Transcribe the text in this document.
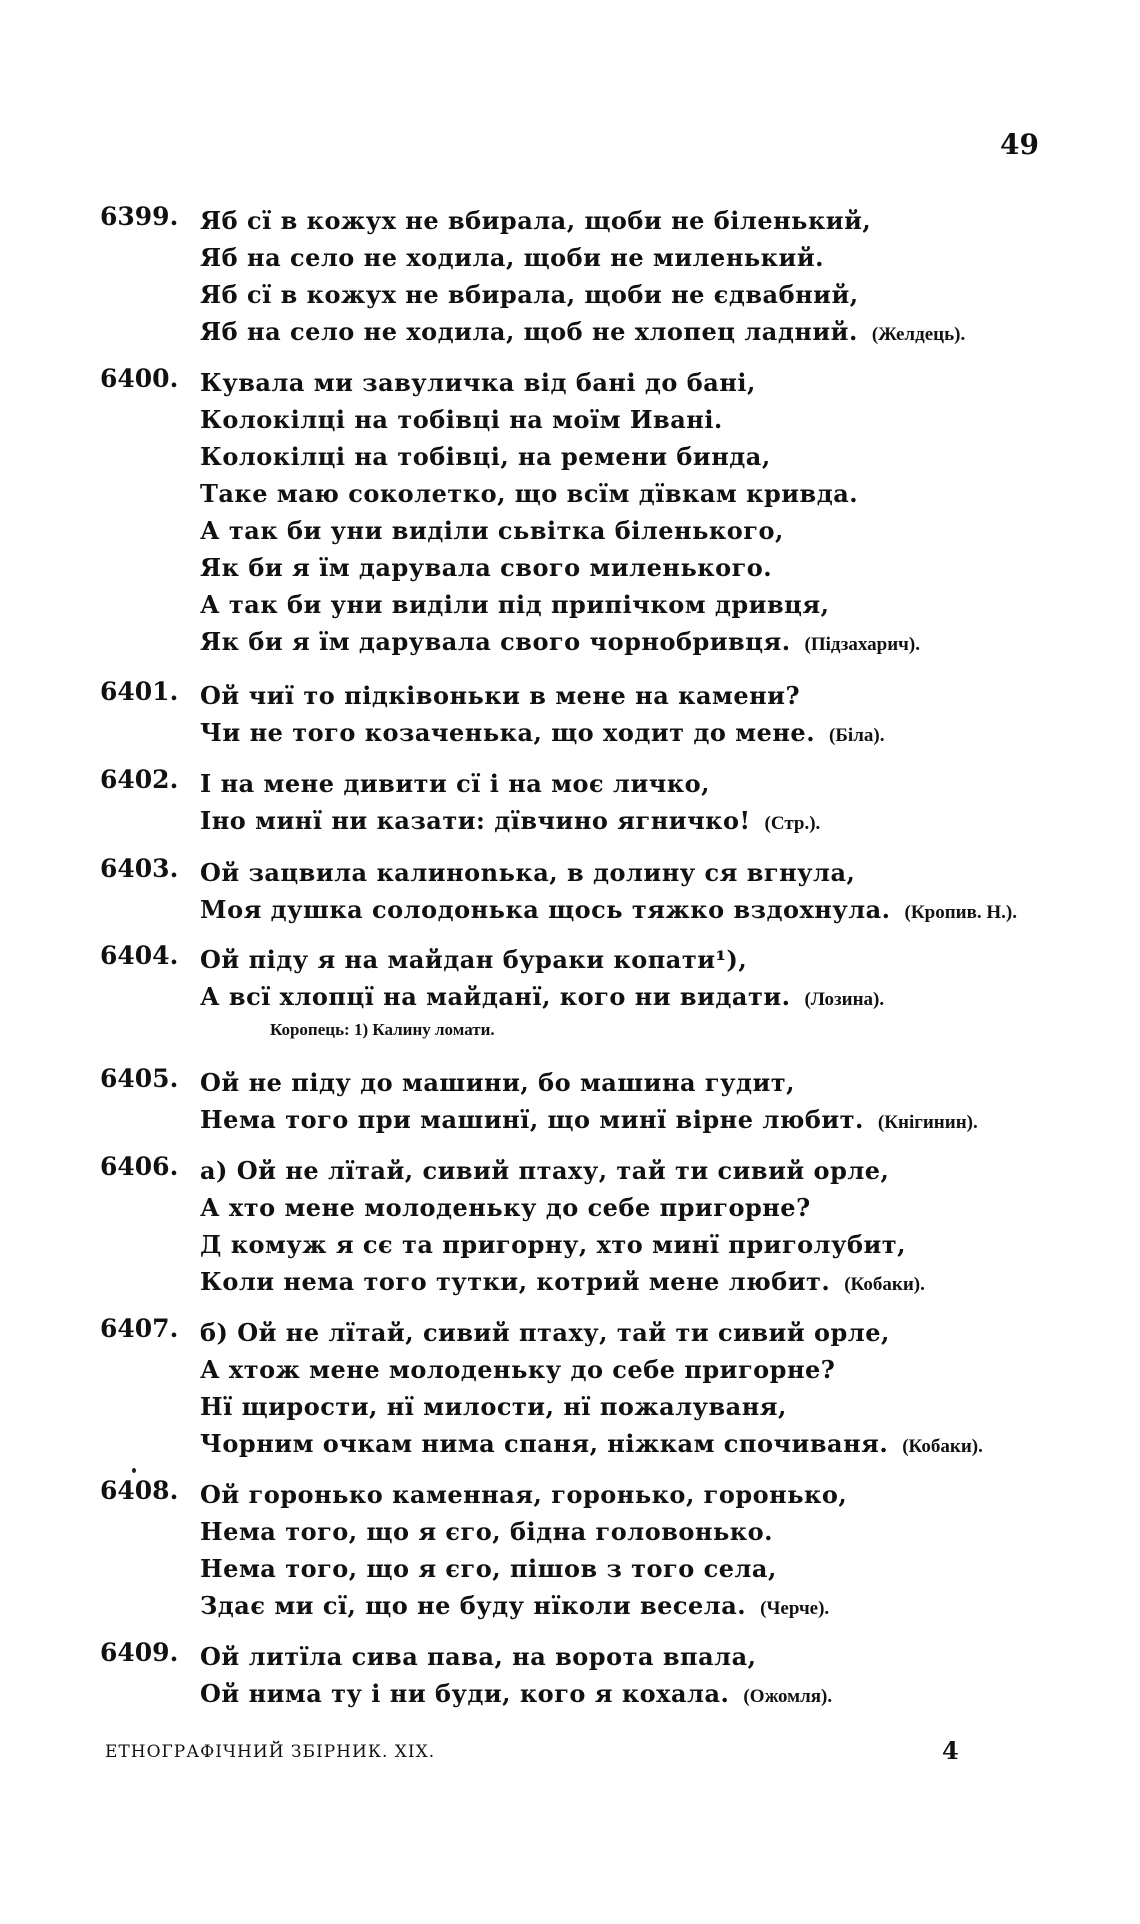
49
6399. Яб сї в кожух не вбирала, щоби не біленький,
Яб на село не ходила, щоби не миленький.
Яб сї в кожух не вбирала, щоби не єдвабний,
Яб на село не ходила, щоб не хлопец ладний. (Желдець).
6400. Кувала ми завуличка від бані до бані,
Колокілці на тобівці на моїм Ивані.
Колокілці на тобівці, на ремени бинда,
Таке маю соколетко, що всїм дївкам кривда.
А так би уни виділи сьвітка біленького,
Як би я їм дарувала свого миленького.
А так би уни виділи під припічком дривця,
Як би я їм дарувала свого чорнобривця. (Підзахарич).
6401. Ой чиї то підківоньки в мене на камени?
Чи не того козаченька, що ходит до мене. (Біла).
6402. І на мене дивити сї і на моє личко,
Іно минї ни казати: дївчино ягничко! (Стр.).
6403. Ой зацвила калиноnька, в долину ся вгнула,
Моя душка солодонька щось тяжко вздохнула. (Кропив. Н.).
6404. Ой піду я на майдан бураки копати¹),
А всї хлопцї на майданї, кого ни видати. (Лозина).
Коропець: 1) Калину ломати.
6405. Ой не піду до машини, бо машина гудит,
Нема того при машинї, що минї вірне любит. (Кнігинин).
6406. а) Ой не лїтай, сивий птаху, тай ти сивий орле,
А хто мене молоденьку до себе пригорне?
Д комуж я сє та пригорну, хто минї приголубит,
Коли нема того тутки, котрий мене любит. (Кобаки).
6407. б) Ой не лїтай, сивий птаху, тай ти сивий орле,
А хтож мене молоденьку до себе пригорне?
Нї щирости, нї милости, нї пожалуваня,
Чорним очкам нима спаня, ніжкам спочиваня. (Кобаки).
6408. Ой горонько каменная, горонько, горонько,
Нема того, що я єго, бідна головонько.
Нема того, що я єго, пішов з того села,
Здає ми сї, що не буду нїколи весела. (Черче).
6409. Ой литїла сива пава, на ворота впала,
Ой нима ту і ни буди, кого я кохала. (Ожомля).
ЕТНОГРАФІЧНИЙ ЗБІРНИК. XIX.	4
